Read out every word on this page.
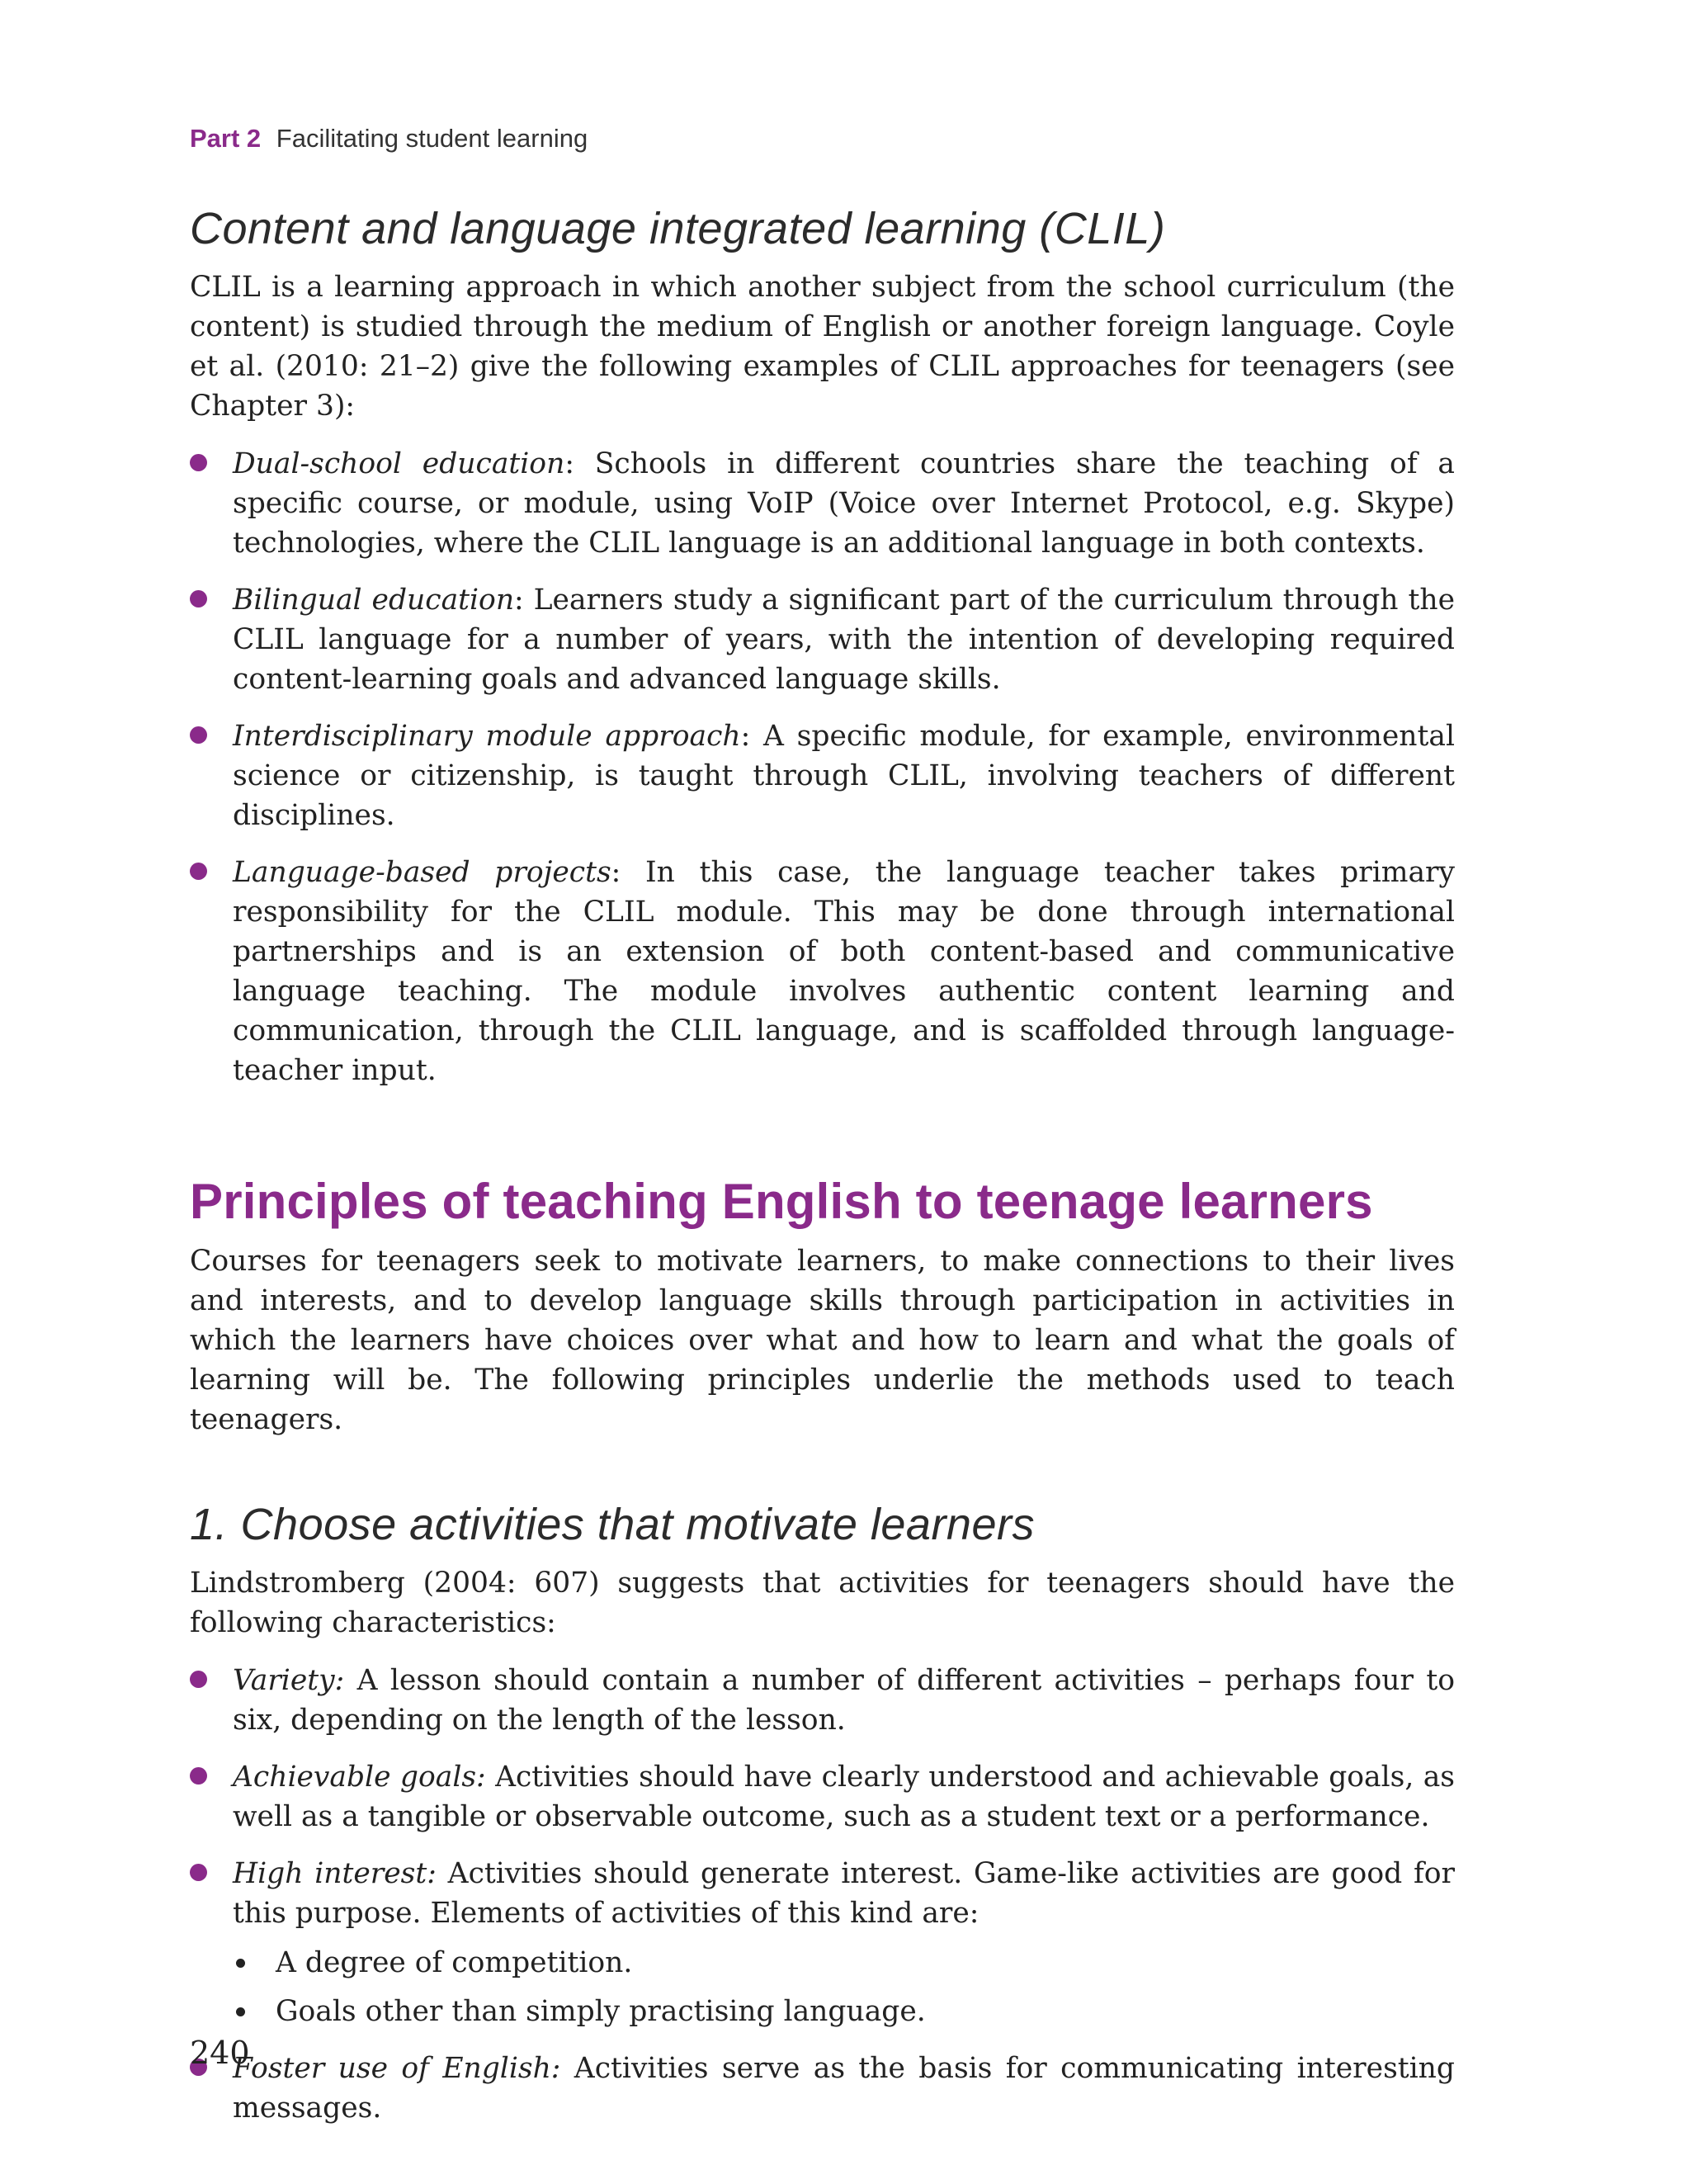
Part 2 Facilitating student learning
Content and language integrated learning (CLIL)

CLIL is a learning approach in which another subject from the school curriculum (the content) is studied through the medium of English or another foreign language. Coyle et al. (2010: 21–2) give the following examples of CLIL approaches for teenagers (see Chapter 3):

Dual-school education: Schools in different countries share the teaching of a specific course, or module, using VoIP (Voice over Internet Protocol, e.g. Skype) technologies, where the CLIL language is an additional language in both contexts.
Bilingual education: Learners study a significant part of the curriculum through the CLIL language for a number of years, with the intention of developing required content-learning goals and advanced language skills.
Interdisciplinary module approach: A specific module, for example, environmental science or citizenship, is taught through CLIL, involving teachers of different disciplines.
Language-based projects: In this case, the language teacher takes primary responsibility for the CLIL module. This may be done through international partnerships and is an extension of both content-based and communicative language teaching. The module involves authentic content learning and communication, through the CLIL language, and is scaffolded through language-teacher input.
Principles of teaching English to teenage learners

Courses for teenagers seek to motivate learners, to make connections to their lives and interests, and to develop language skills through participation in activities in which the learners have choices over what and how to learn and what the goals of learning will be. The following principles underlie the methods used to teach teenagers.

1. Choose activities that motivate learners

Lindstromberg (2004: 607) suggests that activities for teenagers should have the following characteristics:

Variety: A lesson should contain a number of different activities – perhaps four to six, depending on the length of the lesson.
Achievable goals: Activities should have clearly understood and achievable goals, as well as a tangible or observable outcome, such as a student text or a performance.
High interest: Activities should generate interest. Game-like activities are good for this purpose. Elements of activities of this kind are:
A degree of competition.
Goals other than simply practising language.
Foster use of English: Activities serve as the basis for communicating interesting messages.
240
